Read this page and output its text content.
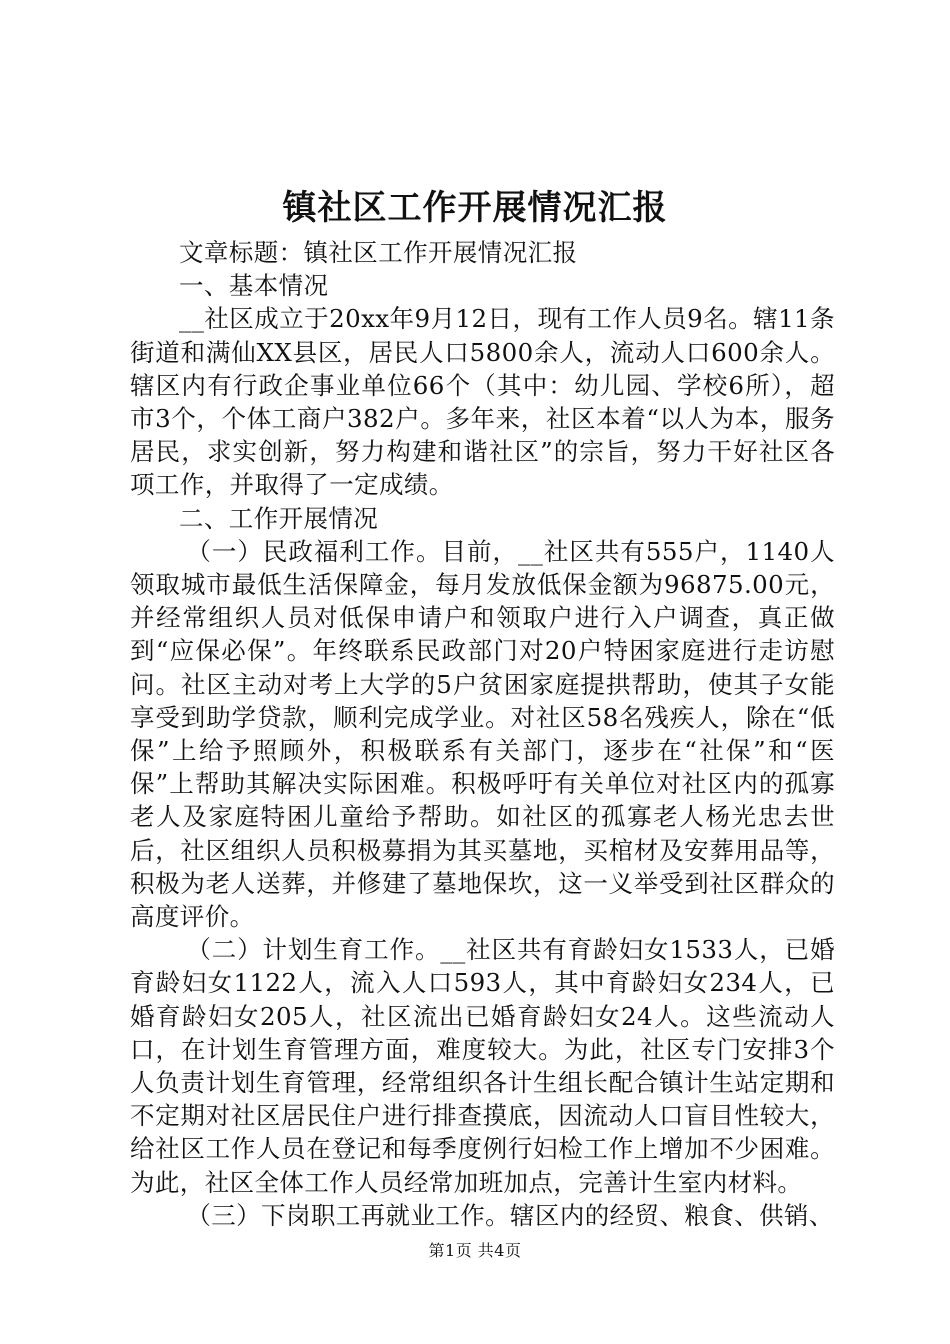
镇社区工作开展情况汇报

文章标题：镇社区工作开展情况汇报

一、基本情况

__社区成立于20xx年9月12日，现有工作人员9名。辖11条街道和满仙XX县区，居民人口5800余人，流动人口600余人。辖区内有行政企事业单位66个（其中：幼儿园、学校6所），超市3个，个体工商户382户。多年来，社区本着“以人为本，服务居民，求实创新，努力构建和谐社区”的宗旨，努力干好社区各项工作，并取得了一定成绩。

二、工作开展情况

（一）民政福利工作。目前，__社区共有555户，1140人领取城市最低生活保障金，每月发放低保金额为96875.00元，并经常组织人员对低保申请户和领取户进行入户调查，真正做到“应保必保”。年终联系民政部门对20户特困家庭进行走访慰问。社区主动对考上大学的5户贫困家庭提拱帮助，使其子女能享受到助学贷款，顺利完成学业。对社区58名残疾人，除在“低保”上给予照顾外，积极联系有关部门，逐步在“社保”和“医保”上帮助其解决实际困难。积极呼吁有关单位对社区内的孤寡老人及家庭特困儿童给予帮助。如社区的孤寡老人杨光忠去世后，社区组织人员积极募捐为其买墓地，买棺材及安葬用品等，积极为老人送葬，并修建了墓地保坎，这一义举受到社区群众的高度评价。

（二）计划生育工作。__社区共有育龄妇女1533人，已婚育龄妇女1122人，流入人口593人，其中育龄妇女234人，已婚育龄妇女205人，社区流出已婚育龄妇女24人。这些流动人口，在计划生育管理方面，难度较大。为此，社区专门安排3个人负责计划生育管理，经常组织各计生组长配合镇计生站定期和不定期对社区居民住户进行排查摸底，因流动人口盲目性较大，给社区工作人员在登记和每季度例行妇检工作上增加不少困难。为此，社区全体工作人员经常加班加点，完善计生室内材料。

（三）下岗职工再就业工作。辖区内的经贸、粮食、供销、

第1页 共4页
